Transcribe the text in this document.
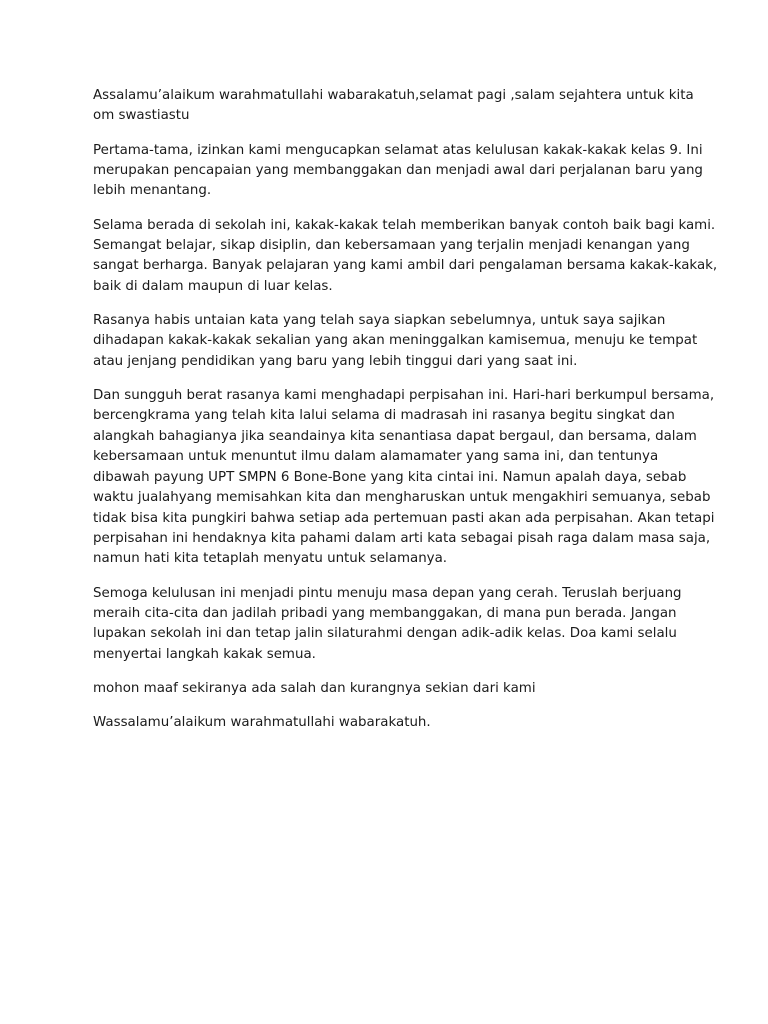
Assalamu’alaikum warahmatullahi wabarakatuh,selamat pagi ,salam sejahtera untuk kita
om swastiastu

Pertama-tama, izinkan kami mengucapkan selamat atas kelulusan kakak-kakak kelas 9. Ini
merupakan pencapaian yang membanggakan dan menjadi awal dari perjalanan baru yang
lebih menantang.

Selama berada di sekolah ini, kakak-kakak telah memberikan banyak contoh baik bagi kami.
Semangat belajar, sikap disiplin, dan kebersamaan yang terjalin menjadi kenangan yang
sangat berharga. Banyak pelajaran yang kami ambil dari pengalaman bersama kakak-kakak,
baik di dalam maupun di luar kelas.

Rasanya habis untaian kata yang telah saya siapkan sebelumnya, untuk saya sajikan
dihadapan kakak-kakak sekalian yang akan meninggalkan kamisemua, menuju ke tempat
atau jenjang pendidikan yang baru yang lebih tinggui dari yang saat ini.

Dan sungguh berat rasanya kami menghadapi perpisahan ini. Hari-hari berkumpul bersama,
bercengkrama yang telah kita lalui selama di madrasah ini rasanya begitu singkat dan
alangkah bahagianya jika seandainya kita senantiasa dapat bergaul, dan bersama, dalam
kebersamaan untuk menuntut ilmu dalam alamamater yang sama ini, dan tentunya
dibawah payung UPT SMPN 6 Bone-Bone yang kita cintai ini. Namun apalah daya, sebab
waktu jualahyang memisahkan kita dan mengharuskan untuk mengakhiri semuanya, sebab
tidak bisa kita pungkiri bahwa setiap ada pertemuan pasti akan ada perpisahan. Akan tetapi
perpisahan ini hendaknya kita pahami dalam arti kata sebagai pisah raga dalam masa saja,
namun hati kita tetaplah menyatu untuk selamanya.

Semoga kelulusan ini menjadi pintu menuju masa depan yang cerah. Teruslah berjuang
meraih cita-cita dan jadilah pribadi yang membanggakan, di mana pun berada. Jangan
lupakan sekolah ini dan tetap jalin silaturahmi dengan adik-adik kelas. Doa kami selalu
menyertai langkah kakak semua.

mohon maaf sekiranya ada salah dan kurangnya sekian dari kami

Wassalamu’alaikum warahmatullahi wabarakatuh.
